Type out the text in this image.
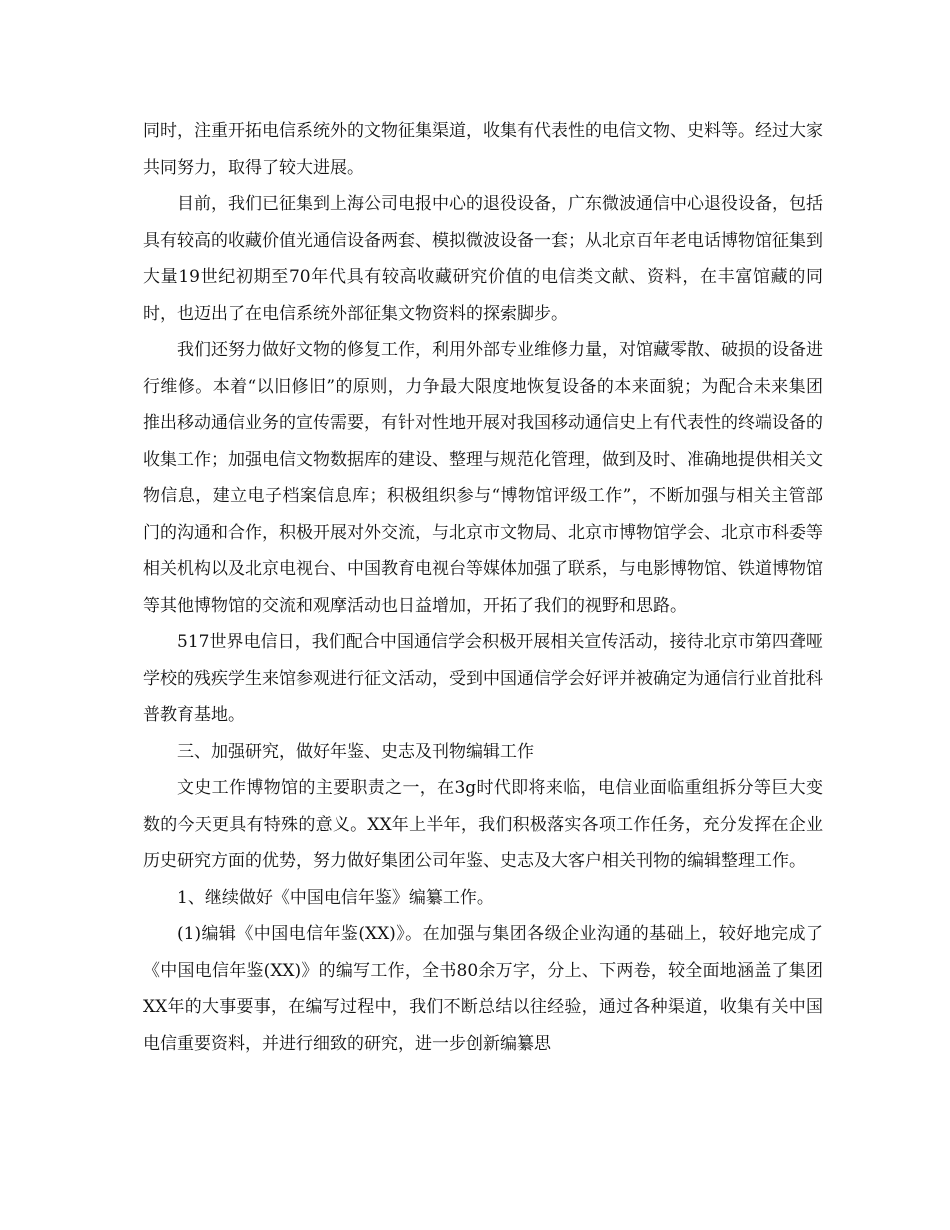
同时，注重开拓电信系统外的文物征集渠道，收集有代表性的电信文物、史料等。经过大家共同努力，取得了较大进展。

目前，我们已征集到上海公司电报中心的退役设备，广东微波通信中心退役设备，包括具有较高的收藏价值光通信设备两套、模拟微波设备一套；从北京百年老电话博物馆征集到大量19世纪初期至70年代具有较高收藏研究价值的电信类文献、资料，在丰富馆藏的同时，也迈出了在电信系统外部征集文物资料的探索脚步。

我们还努力做好文物的修复工作，利用外部专业维修力量，对馆藏零散、破损的设备进行维修。本着“以旧修旧”的原则，力争最大限度地恢复设备的本来面貌；为配合未来集团推出移动通信业务的宣传需要，有针对性地开展对我国移动通信史上有代表性的终端设备的收集工作；加强电信文物数据库的建设、整理与规范化管理，做到及时、准确地提供相关文物信息，建立电子档案信息库；积极组织参与“博物馆评级工作”，不断加强与相关主管部门的沟通和合作，积极开展对外交流，与北京市文物局、北京市博物馆学会、北京市科委等相关机构以及北京电视台、中国教育电视台等媒体加强了联系，与电影博物馆、铁道博物馆等其他博物馆的交流和观摩活动也日益增加，开拓了我们的视野和思路。

517世界电信日，我们配合中国通信学会积极开展相关宣传活动，接待北京市第四聋哑学校的残疾学生来馆参观进行征文活动，受到中国通信学会好评并被确定为通信行业首批科普教育基地。

三、加强研究，做好年鉴、史志及刊物编辑工作

文史工作博物馆的主要职责之一，在3g时代即将来临，电信业面临重组拆分等巨大变数的今天更具有特殊的意义。XX年上半年，我们积极落实各项工作任务，充分发挥在企业历史研究方面的优势，努力做好集团公司年鉴、史志及大客户相关刊物的编辑整理工作。

1、继续做好《中国电信年鉴》编纂工作。

(1)编辑《中国电信年鉴(XX)》。在加强与集团各级企业沟通的基础上，较好地完成了《中国电信年鉴(XX)》的编写工作，全书80余万字，分上、下两卷，较全面地涵盖了集团XX年的大事要事，在编写过程中，我们不断总结以往经验，通过各种渠道，收集有关中国电信重要资料，并进行细致的研究，进一步创新编纂思
